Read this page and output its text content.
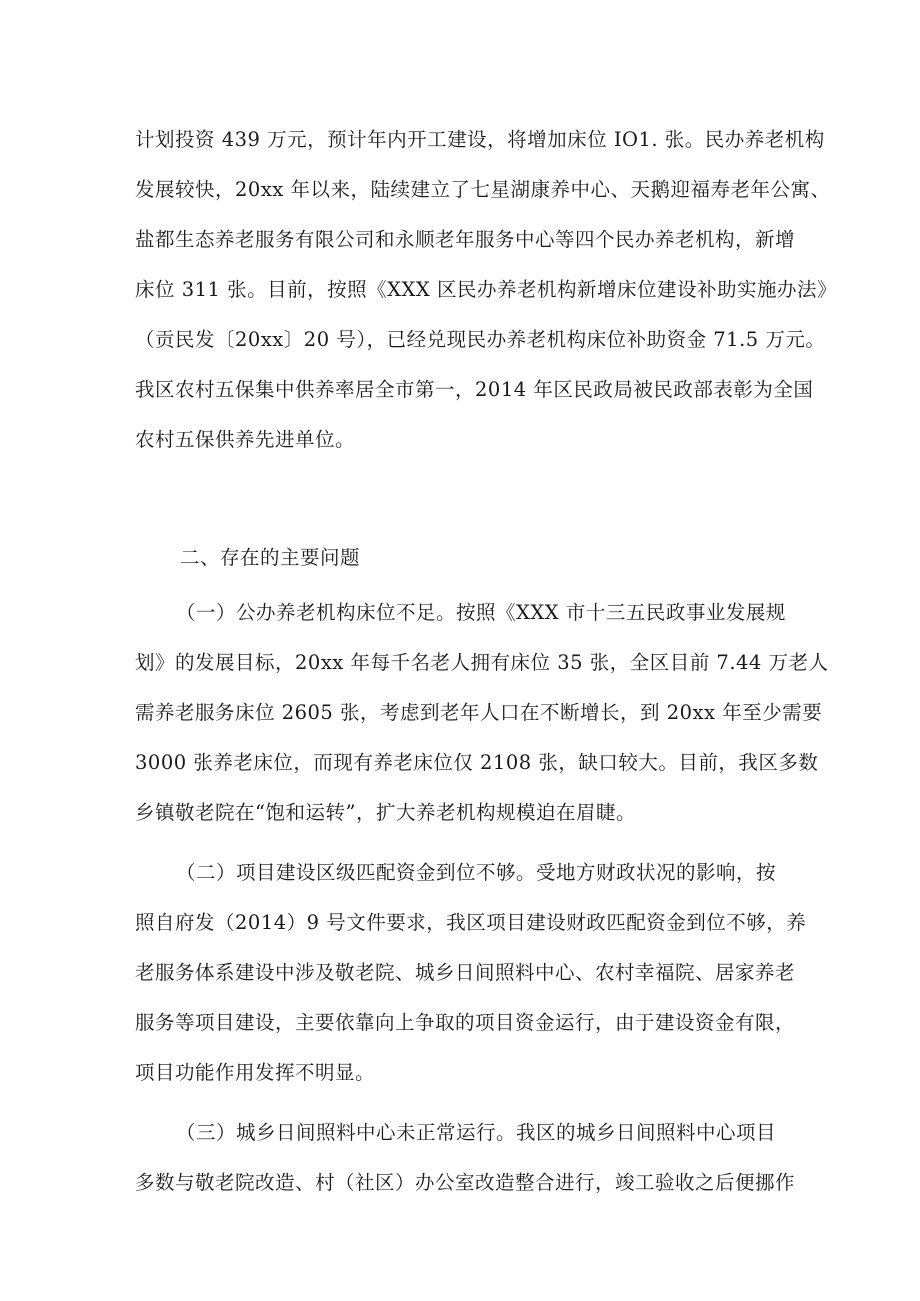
计划投资 439 万元，预计年内开工建设，将增加床位 IO1. 张。民办养老机构

发展较快，20xx 年以来，陆续建立了七星湖康养中心、天鹅迎福寿老年公寓、

盐都生态养老服务有限公司和永顺老年服务中心等四个民办养老机构，新增

床位 311 张。目前，按照《XXX 区民办养老机构新增床位建设补助实施办法》

（贡民发〔20xx〕20 号），已经兑现民办养老机构床位补助资金 71.5 万元。

我区农村五保集中供养率居全市第一，2014 年区民政局被民政部表彰为全国

农村五保供养先进单位。

二、存在的主要问题

（一）公办养老机构床位不足。按照《XXX 市十三五民政事业发展规

划》的发展目标，20xx 年每千名老人拥有床位 35 张，全区目前 7.44 万老人

需养老服务床位 2605 张，考虑到老年人口在不断增长，到 20xx 年至少需要

3000 张养老床位，而现有养老床位仅 2108 张，缺口较大。目前，我区多数

乡镇敬老院在“饱和运转”，扩大养老机构规模迫在眉睫。

（二）项目建设区级匹配资金到位不够。受地方财政状况的影响，按

照自府发（2014）9 号文件要求，我区项目建设财政匹配资金到位不够，养

老服务体系建设中涉及敬老院、城乡日间照料中心、农村幸福院、居家养老

服务等项目建设，主要依靠向上争取的项目资金运行，由于建设资金有限，

项目功能作用发挥不明显。

（三）城乡日间照料中心未正常运行。我区的城乡日间照料中心项目

多数与敬老院改造、村（社区）办公室改造整合进行，竣工验收之后便挪作
